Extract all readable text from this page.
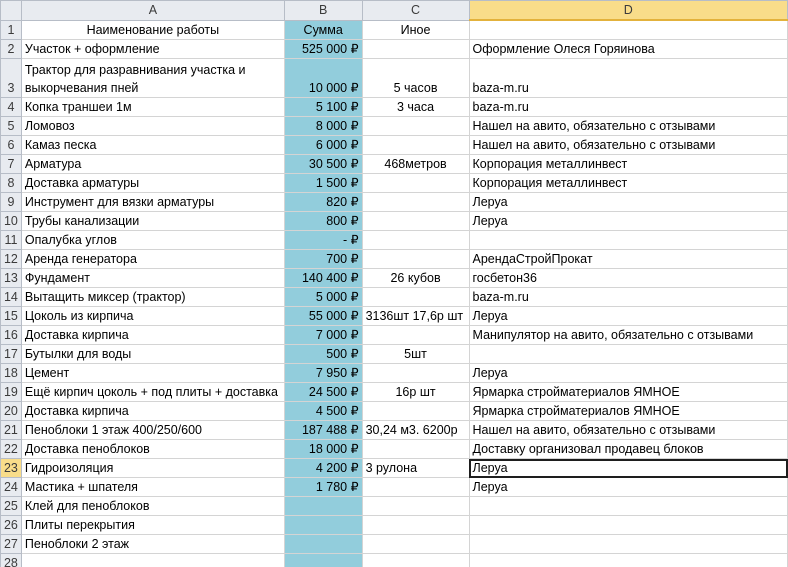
	A	B	C	D
1	Наименование работы	Сумма	Иное	
2	Участок + оформление	525 000 ₽		Оформление Олеся Горяинова
3	Трактор для разравнивания участка и выкорчевания пней	10 000 ₽	5 часов	baza-m.ru
4	Копка траншеи 1м	5 100 ₽	3 часа	baza-m.ru
5	Ломовоз	8 000 ₽		Нашел на авито, обязательно с отзывами
6	Камаз песка	6 000 ₽		Нашел на авито, обязательно с отзывами
7	Арматура	30 500 ₽	468метров	Корпорация металлинвест
8	Доставка арматуры	1 500 ₽		Корпорация металлинвест
9	Инструмент для вязки арматуры	820 ₽		Леруа
10	Трубы канализации	800 ₽		Леруа
11	Опалубка углов	- ₽		
12	Аренда генератора	700 ₽		АрендаСтройПрокат
13	Фундамент	140 400 ₽	26 кубов	госбетон36
14	Вытащить миксер (трактор)	5 000 ₽		baza-m.ru
15	Цоколь из кирпича	55 000 ₽	3136шт 17,6р шт	Леруа
16	Доставка кирпича	7 000 ₽		Манипулятор на авито, обязательно с отзывами
17	Бутылки для воды	500 ₽	5шт	
18	Цемент	7 950 ₽		Леруа
19	Ещё кирпич цоколь + под плиты + доставка	24 500 ₽	16р шт	Ярмарка стройматериалов ЯМНОЕ
20	Доставка кирпича	4 500 ₽		Ярмарка стройматериалов ЯМНОЕ
21	Пеноблоки 1 этаж 400/250/600	187 488 ₽	30,24 м3. 6200р	Нашел на авито, обязательно с отзывами
22	Доставка пеноблоков	18 000 ₽		Доставку организовал продавец блоков
23	Гидроизоляция	4 200 ₽	3 рулона	Леруа
24	Мастика + шпателя	1 780 ₽		Леруа
25	Клей для пеноблоков			
26	Плиты перекрытия			
27	Пеноблоки 2 этаж			
28				
